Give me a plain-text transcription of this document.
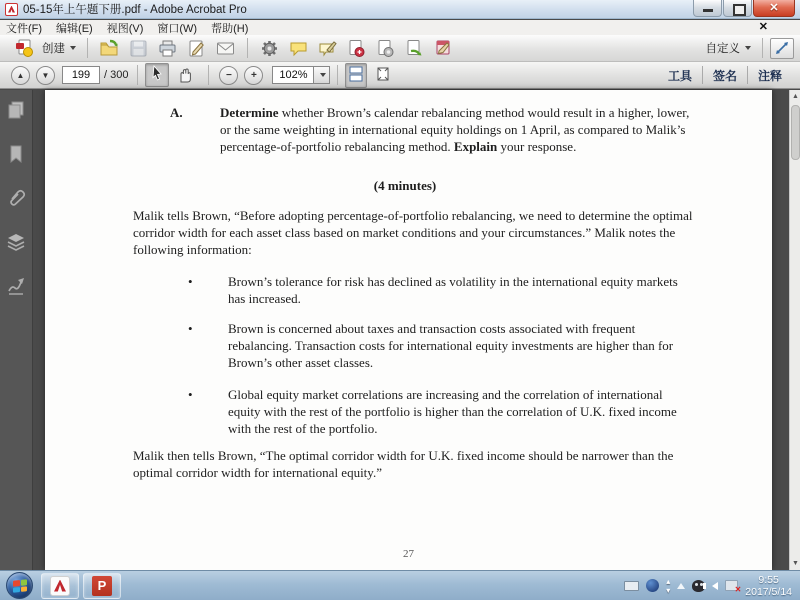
05-15年上午题下册.pdf - Adobe Acrobat Pro
✕
文件(F) 编辑(E) 视图(V) 窗口(W) 帮助(H)	✕
创建	自定义
▲ ▼	199	/ 300	− +	102%	工具	签名	注释
A.	Determine whether Brown’s calendar rebalancing method would result in a higher, lower, or the same weighting in international equity holdings on 1 April, as compared to Malik’s percentage-of-portfolio rebalancing method. Explain your response.
(4 minutes)
Malik tells Brown, “Before adopting percentage-of-portfolio rebalancing, we need to determine the optimal corridor width for each asset class based on market conditions and your circumstances.” Malik notes the following information:
•	Brown’s tolerance for risk has declined as volatility in the international equity markets has increased.
•	Brown is concerned about taxes and transaction costs associated with frequent rebalancing. Transaction costs for international equity investments are higher than for Brown’s other asset classes.
•	Global equity market correlations are increasing and the correlation of international equity with the rest of the portfolio is higher than the correlation of U.K. fixed income with the rest of the portfolio.
Malik then tells Brown, “The optimal corridor width for U.K. fixed income should be narrower than the optimal corridor width for international equity.”
27
▲
▼
P	▴
▾
✕
9:55
2017/5/14
